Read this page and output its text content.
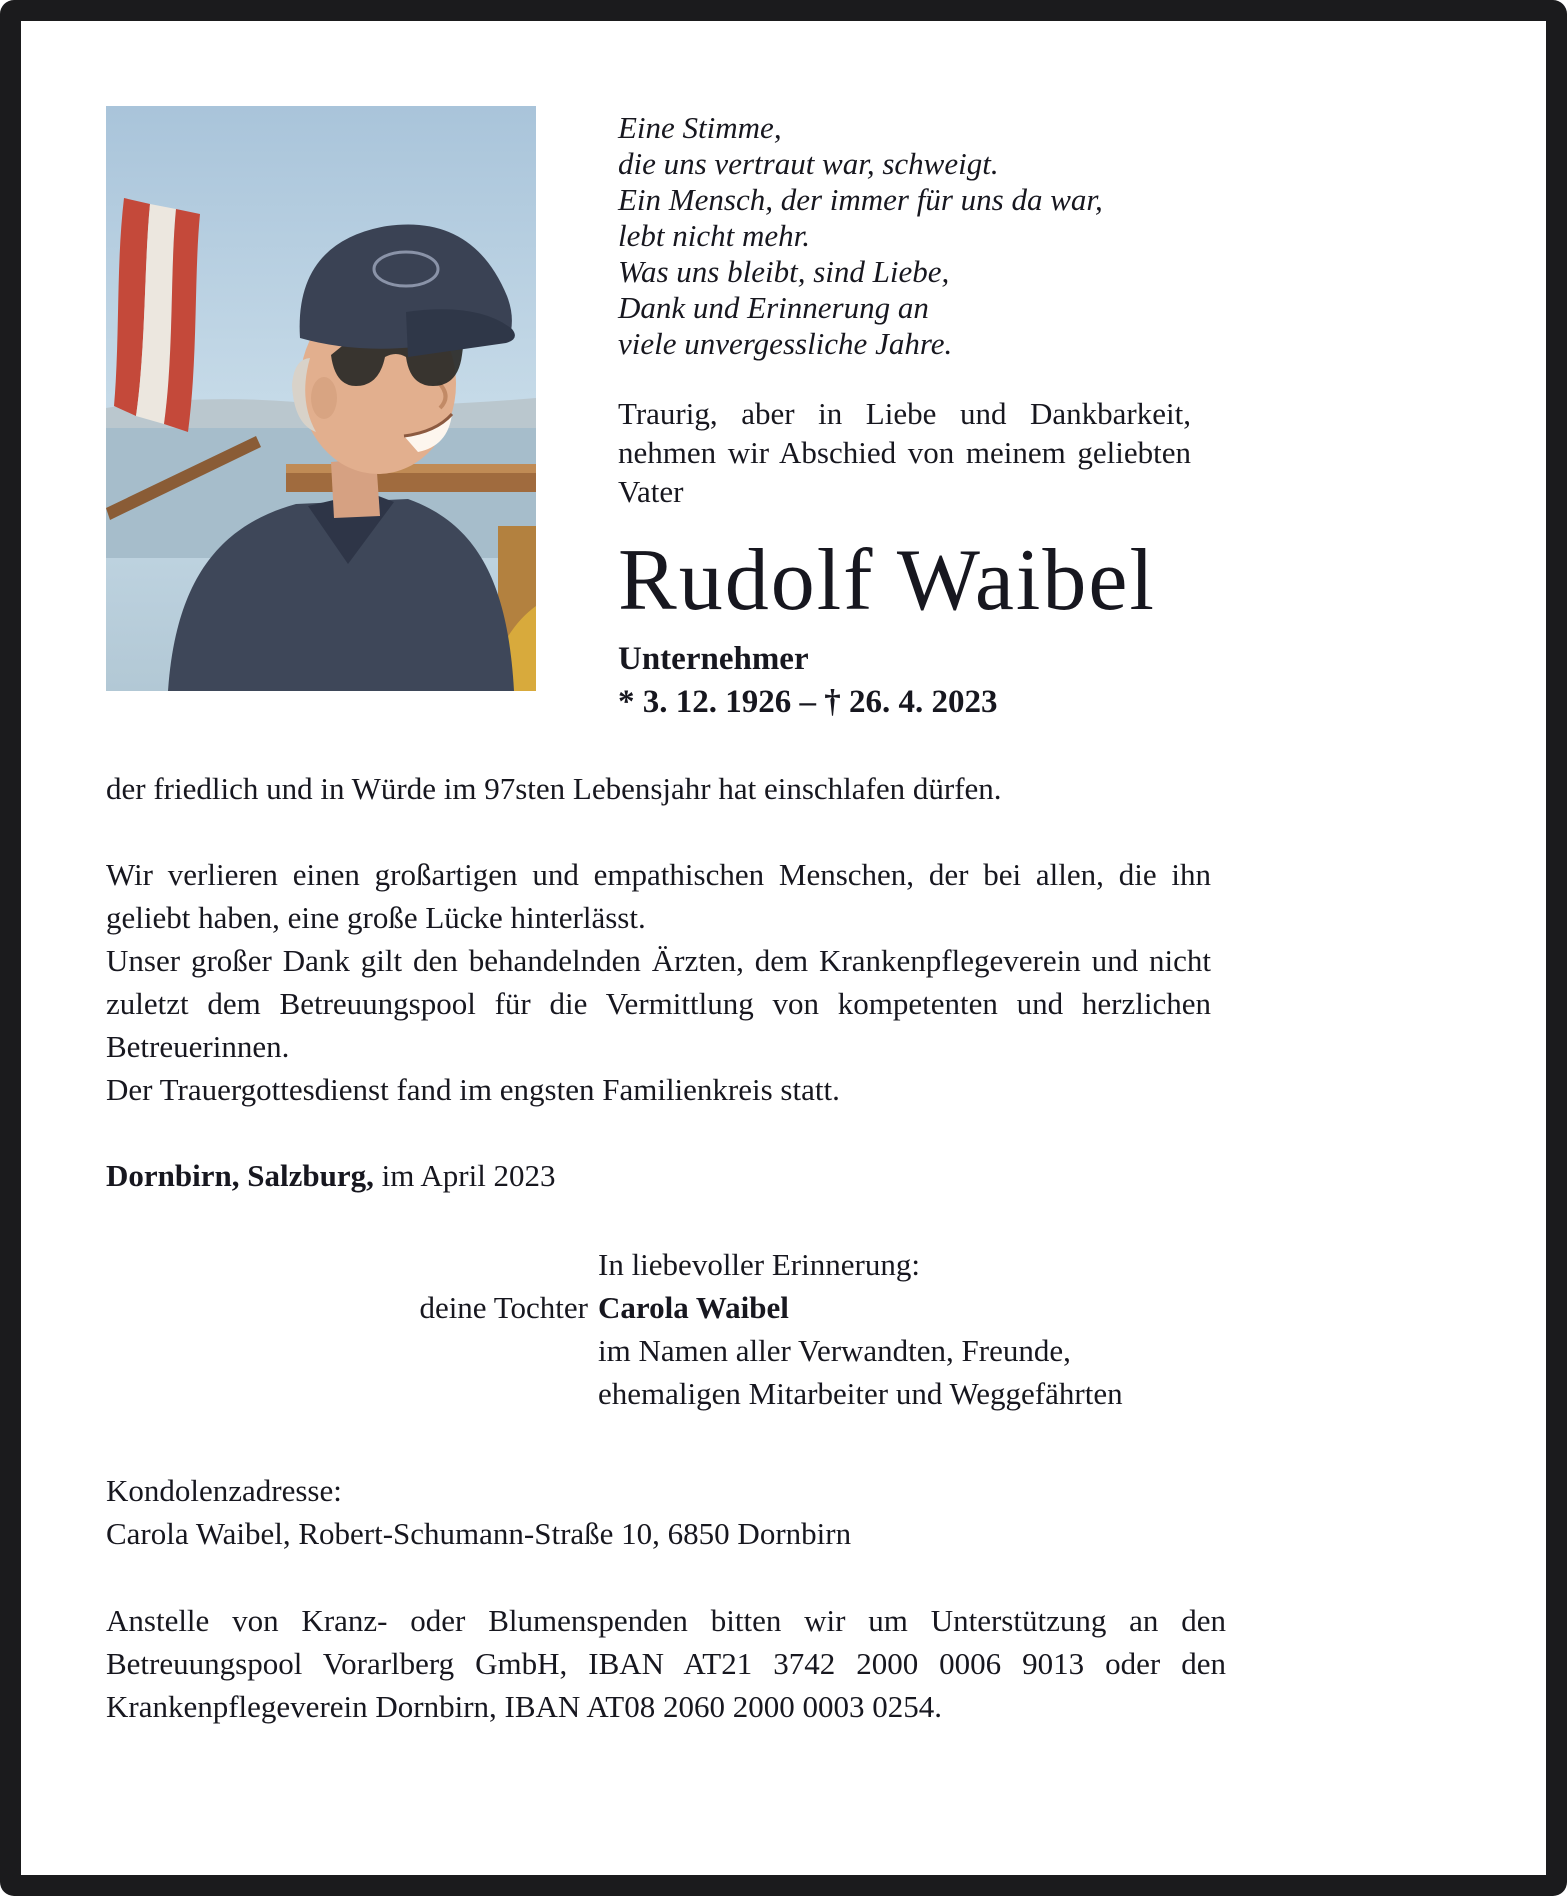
Eine Stimme,
die uns vertraut war, schweigt.
Ein Mensch, der immer für uns da war,
lebt nicht mehr.
Was uns bleibt, sind Liebe,
Dank und Erinnerung an
viele unvergessliche Jahre.
Traurig, aber in Liebe und Dankbarkeit, nehmen wir Abschied von meinem geliebten Vater
Rudolf Waibel
Unternehmer
* 3. 12. 1926 – † 26. 4. 2023
der friedlich und in Würde im 97sten Lebensjahr hat einschlafen dürfen.
Wir verlieren einen großartigen und empathischen Menschen, der bei allen, die ihn geliebt haben, eine große Lücke hinterlässt.
Unser großer Dank gilt den behandelnden Ärzten, dem Krankenpflegeverein und nicht zuletzt dem Betreuungspool für die Vermittlung von kompetenten und herzlichen Betreuerinnen.
Der Trauergottesdienst fand im engsten Familienkreis statt.
Dornbirn, Salzburg, im April 2023
In liebevoller Erinnerung:
deine Tochter Carola Waibel
im Namen aller Verwandten, Freunde,
ehemaligen Mitarbeiter und Weggefährten
Kondolenzadresse:
Carola Waibel, Robert-Schumann-Straße 10, 6850 Dornbirn
Anstelle von Kranz- oder Blumenspenden bitten wir um Unterstützung an den Betreuungspool Vorarlberg GmbH, IBAN AT21 3742 2000 0006 9013 oder den Krankenpflegeverein Dornbirn, IBAN AT08 2060 2000 0003 0254.
